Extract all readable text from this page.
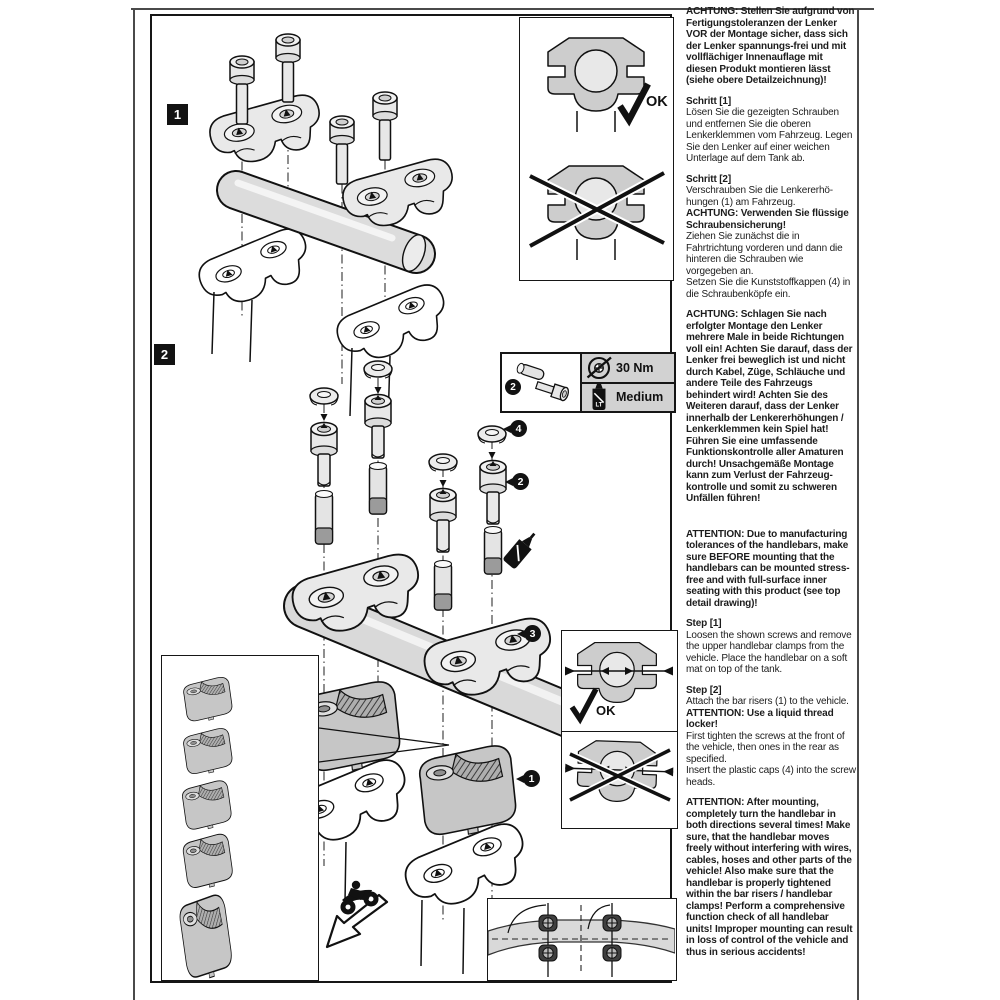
1
2
4
2
3
1
OK
2
30 Nm
LT
Medium
OK

ACHTUNG: Stellen Sie aufgrund von Fertigungstoleranzen der Lenker VOR der Montage sicher, dass sich der Lenker spannungs-frei und mit vollflächiger Innenauflage mit diesen Produkt montieren lässt (siehe obere Detailzeichnung)!

Schritt [1]

Lösen Sie die gezeigten Schrauben und entfernen Sie die oberen Lenkerklemmen vom Fahrzeug. Legen Sie den Lenker auf einer weichen Unterlage auf dem Tank ab.

Schritt [2]

Verschrauben Sie die Lenkererhö-hungen (1) am Fahrzeug.

ACHTUNG: Verwenden Sie flüssige Schraubensicherung!

Ziehen Sie zunächst die in Fahrtrichtung vorderen und dann die hinteren die Schrauben wie vorgegeben an.

Setzen Sie die Kunststoffkappen (4) in die Schraubenköpfe ein.

ACHTUNG: Schlagen Sie nach erfolgter Montage den Lenker mehrere Male in beide Richtungen voll ein! Achten Sie darauf, dass der Lenker frei beweglich ist und nicht durch Kabel, Züge, Schläuche und andere Teile des Fahrzeugs behindert wird! Achten Sie des Weiteren darauf, dass der Lenker innerhalb der Lenkererhöhungen / Lenkerklemmen kein Spiel hat! Führen Sie eine umfassende Funktionskontrolle aller Amaturen durch! Unsachgemäße Montage kann zum Verlust der Fahrzeug-kontrolle und somit zu schweren Unfällen führen!

ATTENTION: Due to manufacturing tolerances of the handlebars, make sure BEFORE mounting that the handlebars can be mounted stress-free and with full-surface inner seating with this product (see top detail drawing)!

Step [1]

Loosen the shown screws and remove the upper handlebar clamps from the vehicle. Place the handlebar on a soft mat on top of the tank.

Step [2]

Attach the bar risers (1) to the vehicle.

ATTENTION: Use a liquid thread locker!

First tighten the screws at the front of the vehicle, then ones in the rear as specified.

Insert the plastic caps (4) into the screw heads.

ATTENTION: After mounting, completely turn the handlebar in both directions several times! Make sure, that the handlebar moves freely without interfering with wires, cables, hoses and other parts of the vehicle! Also make sure that the handlebar is properly tightened within the bar risers / handlebar clamps! Perform a comprehensive function check of all handlebar units! Improper mounting can result in loss of control of the vehicle and thus in serious accidents!
